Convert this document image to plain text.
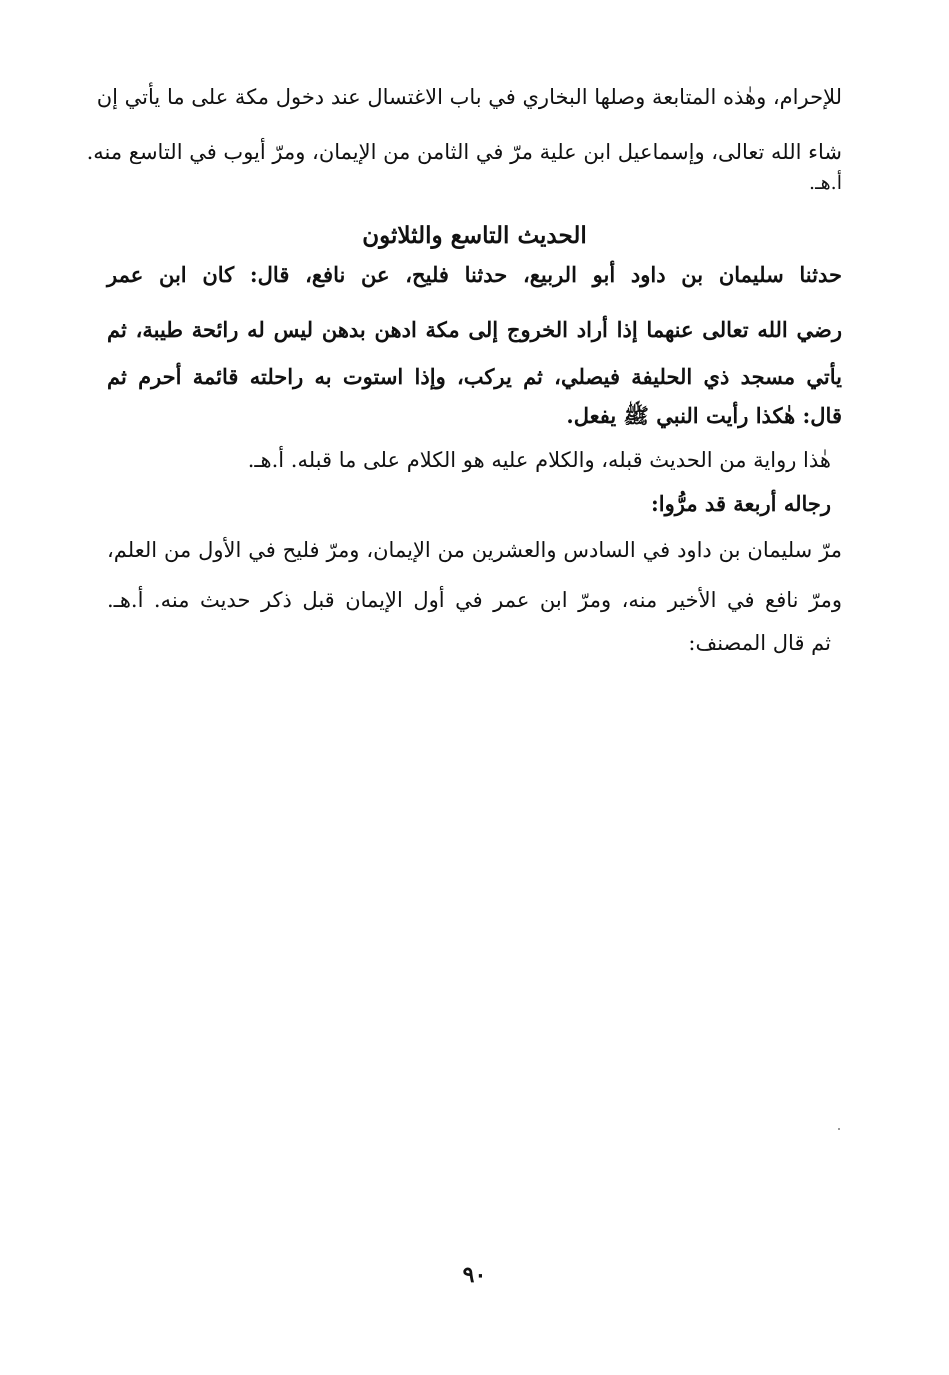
للإحرام، وهٰذه المتابعة وصلها البخاري في باب الاغتسال عند دخول مكة على ما يأتي إن
شاء الله تعالى، وإسماعيل ابن علية مرّ في الثامن من الإيمان، ومرّ أيوب في التاسع منه.
أ.هـ.
الحديث التاسع والثلاثون
حدثنا سليمان بن داود أبو الربيع، حدثنا فليح، عن نافع، قال: كان ابن عمر
رضي الله تعالى عنهما إذا أراد الخروج إلى مكة ادهن بدهن ليس له رائحة طيبة، ثم
يأتي مسجد ذي الحليفة فيصلي، ثم يركب، وإذا استوت به راحلته قائمة أحرم ثم
قال: هٰكذا رأيت النبي ﷺ يفعل.
هٰذا رواية من الحديث قبله، والكلام عليه هو الكلام على ما قبله. أ.هـ.
رجاله أربعة قد مرُّوا:
مرّ سليمان بن داود في السادس والعشرين من الإيمان، ومرّ فليح في الأول من العلم،
ومرّ نافع في الأخير منه، ومرّ ابن عمر في أول الإيمان قبل ذكر حديث منه. أ.هـ.
ثم قال المصنف:
٩٠
